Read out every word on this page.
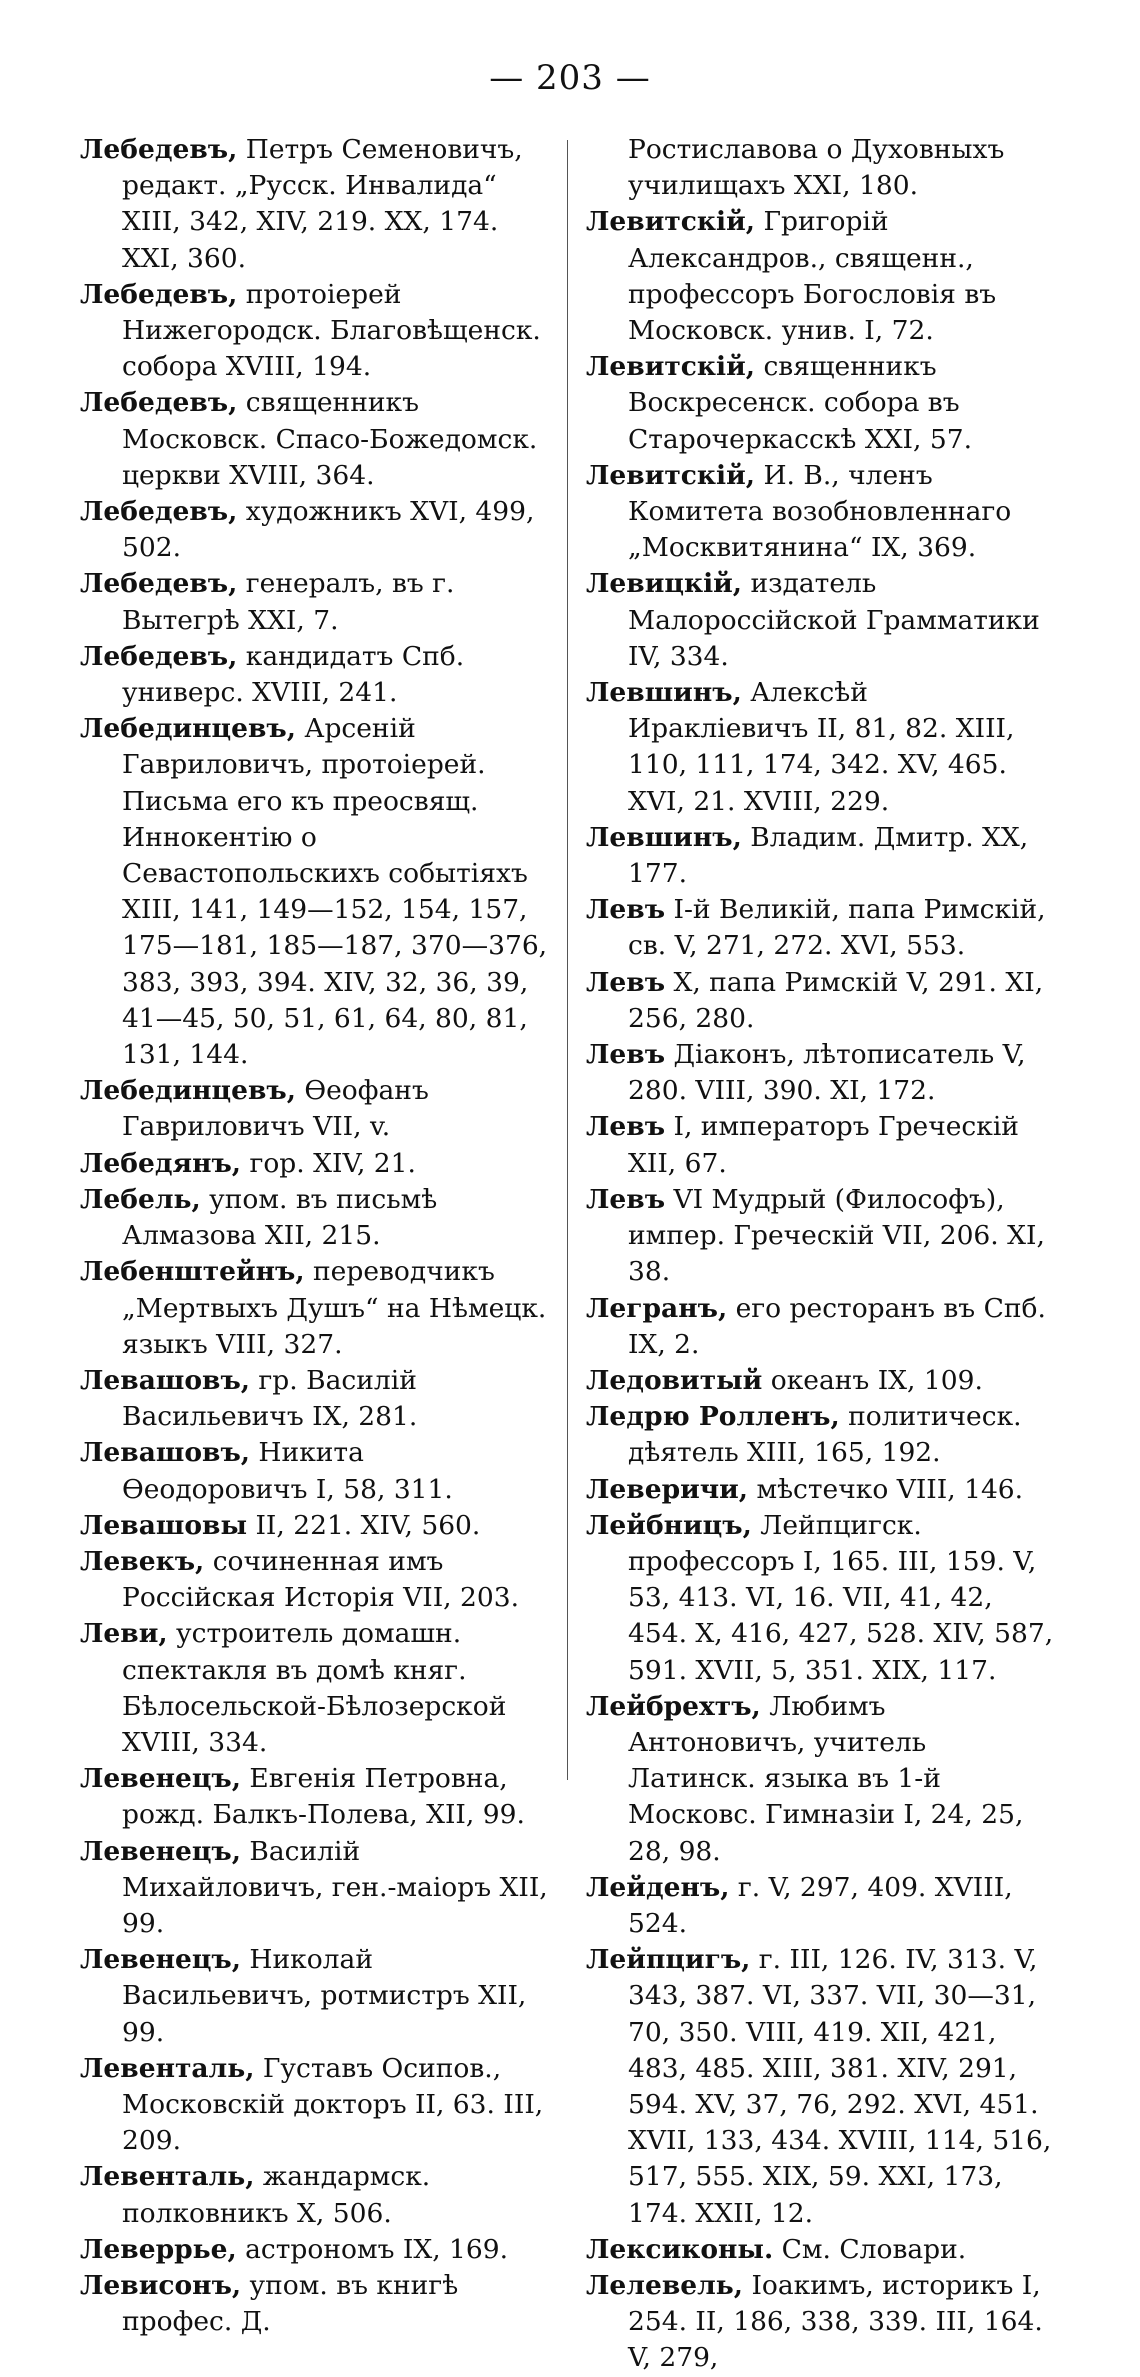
— 203 —
Лебедевъ, Петръ Семеновичъ, редакт. „Русск. Инвалида“ XIII, 342, XIV, 219. XX, 174. XXI, 360.
Лебедевъ, протоіерей Нижегородск. Благовѣщенск. собора XVIII, 194.
Лебедевъ, священникъ Московск. Спасо-Божедомск. церкви XVIII, 364.
Лебедевъ, художникъ XVI, 499, 502.
Лебедевъ, генералъ, въ г. Вытегрѣ XXI, 7.
Лебедевъ, кандидатъ Спб. универс. XVIII, 241.
Лебединцевъ, Арсеній Гавриловичъ, протоіерей. Письма его къ преосвящ. Иннокентію о Севастопольскихъ событіяхъ XIII, 141, 149—152, 154, 157, 175—181, 185—187, 370—376, 383, 393, 394. XIV, 32, 36, 39, 41—45, 50, 51, 61, 64, 80, 81, 131, 144.
Лебединцевъ, Ѳеофанъ Гавриловичъ VII, v.
Лебедянъ, гор. XIV, 21.
Лебель, упом. въ письмѣ Алмазова XII, 215.
Лебенштейнъ, переводчикъ „Мертвыхъ Душъ“ на Нѣмецк. языкъ VIII, 327.
Левашовъ, гр. Василій Васильевичъ IX, 281.
Левашовъ, Никита Ѳеодоровичъ I, 58, 311.
Левашовы II, 221. XIV, 560.
Левекъ, сочиненная имъ Россійская Исторія VII, 203.
Леви, устроитель домашн. спектакля въ домѣ княг. Бѣлосельской-Бѣлозерской XVIII, 334.
Левенецъ, Евгенія Петровна, рожд. Балкъ-Полева, XII, 99.
Левенецъ, Василій Михайловичъ, ген.-маіоръ XII, 99.
Левенецъ, Николай Васильевичъ, ротмистръ XII, 99.
Левенталь, Густавъ Осипов., Московскій докторъ II, 63. III, 209.
Левенталь, жандармск. полковникъ X, 506.
Леверрье, астрономъ IX, 169.
Левисонъ, упом. въ книгѣ профес. Д.
Ростиславова о Духовныхъ училищахъ XXI, 180.
Левитскій, Григорій Александров., священн., профессоръ Богословія въ Московск. унив. I, 72.
Левитскій, священникъ Воскресенск. собора въ Старочеркасскѣ XXI, 57.
Левитскій, И. В., членъ Комитета возобновленнаго „Москвитянина“ IX, 369.
Левицкій, издатель Малороссійской Грамматики IV, 334.
Левшинъ, Алексѣй Иракліевичъ II, 81, 82. XIII, 110, 111, 174, 342. XV, 465. XVI, 21. XVIII, 229.
Левшинъ, Владим. Дмитр. XX, 177.
Левъ I-й Великій, папа Римскій, св. V, 271, 272. XVI, 553.
Левъ X, папа Римскій V, 291. XI, 256, 280.
Левъ Діаконъ, лѣтописатель V, 280. VIII, 390. XI, 172.
Левъ I, императоръ Греческій XII, 67.
Левъ VI Мудрый (Философъ), импер. Греческій VII, 206. XI, 38.
Легранъ, его ресторанъ въ Спб. IX, 2.
Ледовитый океанъ IX, 109.
Ледрю Ролленъ, политическ. дѣятель XIII, 165, 192.
Леверичи, мѣстечко VIII, 146.
Лейбницъ, Лейпцигск. профессоръ I, 165. III, 159. V, 53, 413. VI, 16. VII, 41, 42, 454. X, 416, 427, 528. XIV, 587, 591. XVII, 5, 351. XIX, 117.
Лейбрехтъ, Любимъ Антоновичъ, учитель Латинск. языка въ 1-й Московс. Гимназіи I, 24, 25, 28, 98.
Лейденъ, г. V, 297, 409. XVIII, 524.
Лейпцигъ, г. III, 126. IV, 313. V, 343, 387. VI, 337. VII, 30—31, 70, 350. VIII, 419. XII, 421, 483, 485. XIII, 381. XIV, 291, 594. XV, 37, 76, 292. XVI, 451. XVII, 133, 434. XVIII, 114, 516, 517, 555. XIX, 59. XXI, 173, 174. XXII, 12.
Лексиконы. См. Словари.
Лелевель, Іоакимъ, историкъ I, 254. II, 186, 338, 339. III, 164. V, 279,
